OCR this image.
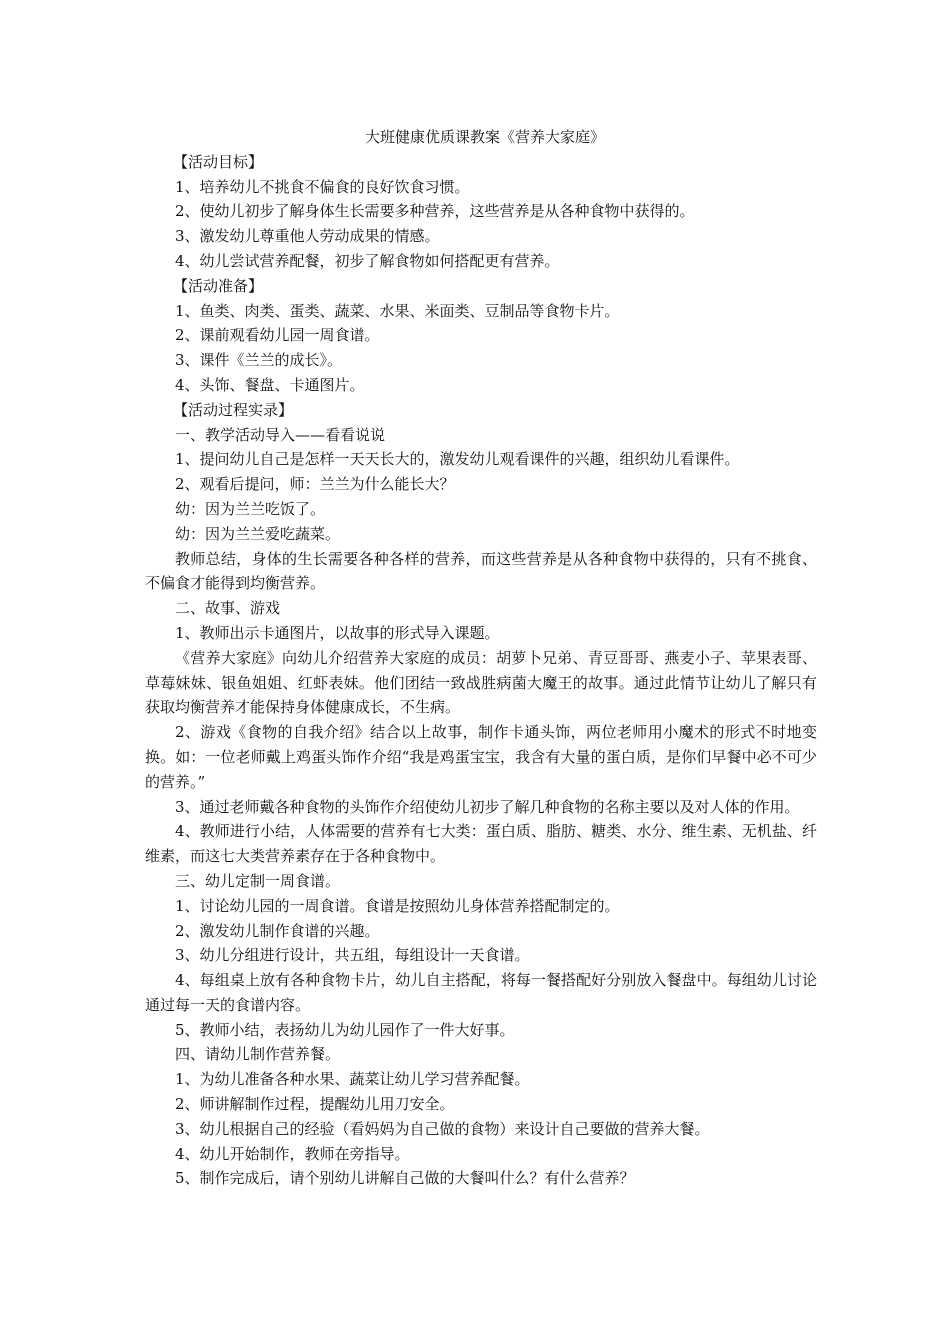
大班健康优质课教案《营养大家庭》

【活动目标】

1、培养幼儿不挑食不偏食的良好饮食习惯。

2、使幼儿初步了解身体生长需要多种营养，这些营养是从各种食物中获得的。

3、激发幼儿尊重他人劳动成果的情感。

4、幼儿尝试营养配餐，初步了解食物如何搭配更有营养。

【活动准备】

1、鱼类、肉类、蛋类、蔬菜、水果、米面类、豆制品等食物卡片。

2、课前观看幼儿园一周食谱。

3、课件《兰兰的成长》。

4、头饰、餐盘、卡通图片。

【活动过程实录】

一、教学活动导入——看看说说

1、提问幼儿自己是怎样一天天长大的，激发幼儿观看课件的兴趣，组织幼儿看课件。

2、观看后提问，师：兰兰为什么能长大？

幼：因为兰兰吃饭了。

幼：因为兰兰爱吃蔬菜。

教师总结，身体的生长需要各种各样的营养，而这些营养是从各种食物中获得的，只有不挑食、不偏食才能得到均衡营养。

二、故事、游戏

1、教师出示卡通图片，以故事的形式导入课题。

《营养大家庭》向幼儿介绍营养大家庭的成员：胡萝卜兄弟、青豆哥哥、燕麦小子、苹果表哥、草莓妹妹、银鱼姐姐、红虾表妹。他们团结一致战胜病菌大魔王的故事。通过此情节让幼儿了解只有获取均衡营养才能保持身体健康成长，不生病。

2、游戏《食物的自我介绍》结合以上故事，制作卡通头饰，两位老师用小魔术的形式不时地变换。如：一位老师戴上鸡蛋头饰作介绍“我是鸡蛋宝宝，我含有大量的蛋白质，是你们早餐中必不可少的营养。”

3、通过老师戴各种食物的头饰作介绍使幼儿初步了解几种食物的名称主要以及对人体的作用。

4、教师进行小结，人体需要的营养有七大类：蛋白质、脂肪、糖类、水分、维生素、无机盐、纤维素，而这七大类营养素存在于各种食物中。

三、幼儿定制一周食谱。

1、讨论幼儿园的一周食谱。食谱是按照幼儿身体营养搭配制定的。

2、激发幼儿制作食谱的兴趣。

3、幼儿分组进行设计，共五组，每组设计一天食谱。

4、每组桌上放有各种食物卡片，幼儿自主搭配，将每一餐搭配好分别放入餐盘中。每组幼儿讨论通过每一天的食谱内容。

5、教师小结，表扬幼儿为幼儿园作了一件大好事。

四、请幼儿制作营养餐。

1、为幼儿准备各种水果、蔬菜让幼儿学习营养配餐。

2、师讲解制作过程，提醒幼儿用刀安全。

3、幼儿根据自己的经验（看妈妈为自己做的食物）来设计自己要做的营养大餐。

4、幼儿开始制作，教师在旁指导。

5、制作完成后，请个别幼儿讲解自己做的大餐叫什么？有什么营养？
